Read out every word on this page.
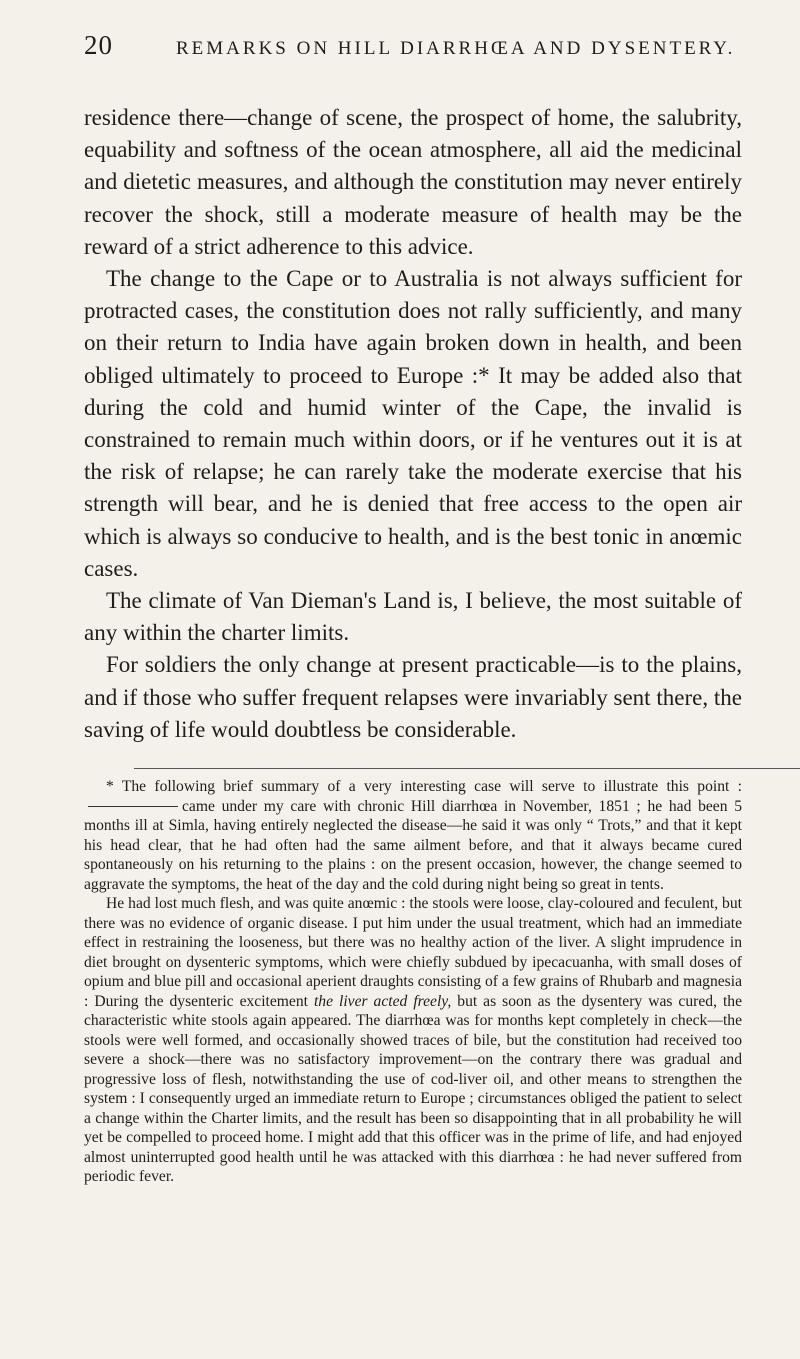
20	REMARKS ON HILL DIARRHŒA AND DYSENTERY.

residence there—change of scene, the prospect of home, the salubrity, equability and softness of the ocean atmosphere, all aid the medicinal and dietetic measures, and although the constitution may never entirely recover the shock, still a moderate measure of health may be the reward of a strict adherence to this advice.

The change to the Cape or to Australia is not always sufficient for protracted cases, the constitution does not rally sufficiently, and many on their return to India have again broken down in health, and been obliged ultimately to proceed to Europe :* It may be added also that during the cold and humid winter of the Cape, the invalid is constrained to remain much within doors, or if he ventures out it is at the risk of relapse; he can rarely take the moderate exercise that his strength will bear, and he is denied that free access to the open air which is always so conducive to health, and is the best tonic in anœmic cases.

The climate of Van Dieman's Land is, I believe, the most suitable of any within the charter limits.

For soldiers the only change at present practicable—is to the plains, and if those who suffer frequent relapses were invariably sent there, the saving of life would doubtless be considerable.

* The following brief summary of a very interesting case will serve to illustrate this point :came under my care with chronic Hill diarrhœa in November, 1851 ; he had been 5 months ill at Simla, having entirely neglected the disease—he said it was only “ Trots,” and that it kept his head clear, that he had often had the same ailment before, and that it always became cured spontaneously on his returning to the plains : on the present occasion, however, the change seemed to aggravate the symptoms, the heat of the day and the cold during night being so great in tents.

He had lost much flesh, and was quite anœmic : the stools were loose, clay-coloured and feculent, but there was no evidence of organic disease. I put him under the usual treatment, which had an immediate effect in restraining the looseness, but there was no healthy action of the liver. A slight imprudence in diet brought on dysenteric symptoms, which were chiefly subdued by ipecacuanha, with small doses of opium and blue pill and occasional aperient draughts consisting of a few grains of Rhubarb and magnesia : During the dysenteric excitement the liver acted freely, but as soon as the dysentery was cured, the characteristic white stools again appeared. The diarrhœa was for months kept completely in check—the stools were well formed, and occasionally showed traces of bile, but the constitution had received too severe a shock—there was no satisfactory improvement—on the contrary there was gradual and progressive loss of flesh, notwithstanding the use of cod-liver oil, and other means to strengthen the system : I consequently urged an immediate return to Europe ; circumstances obliged the patient to select a change within the Charter limits, and the result has been so disappointing that in all probability he will yet be compelled to proceed home. I might add that this officer was in the prime of life, and had enjoyed almost uninterrupted good health until he was attacked with this diarrhœa : he had never suffered from periodic fever.
